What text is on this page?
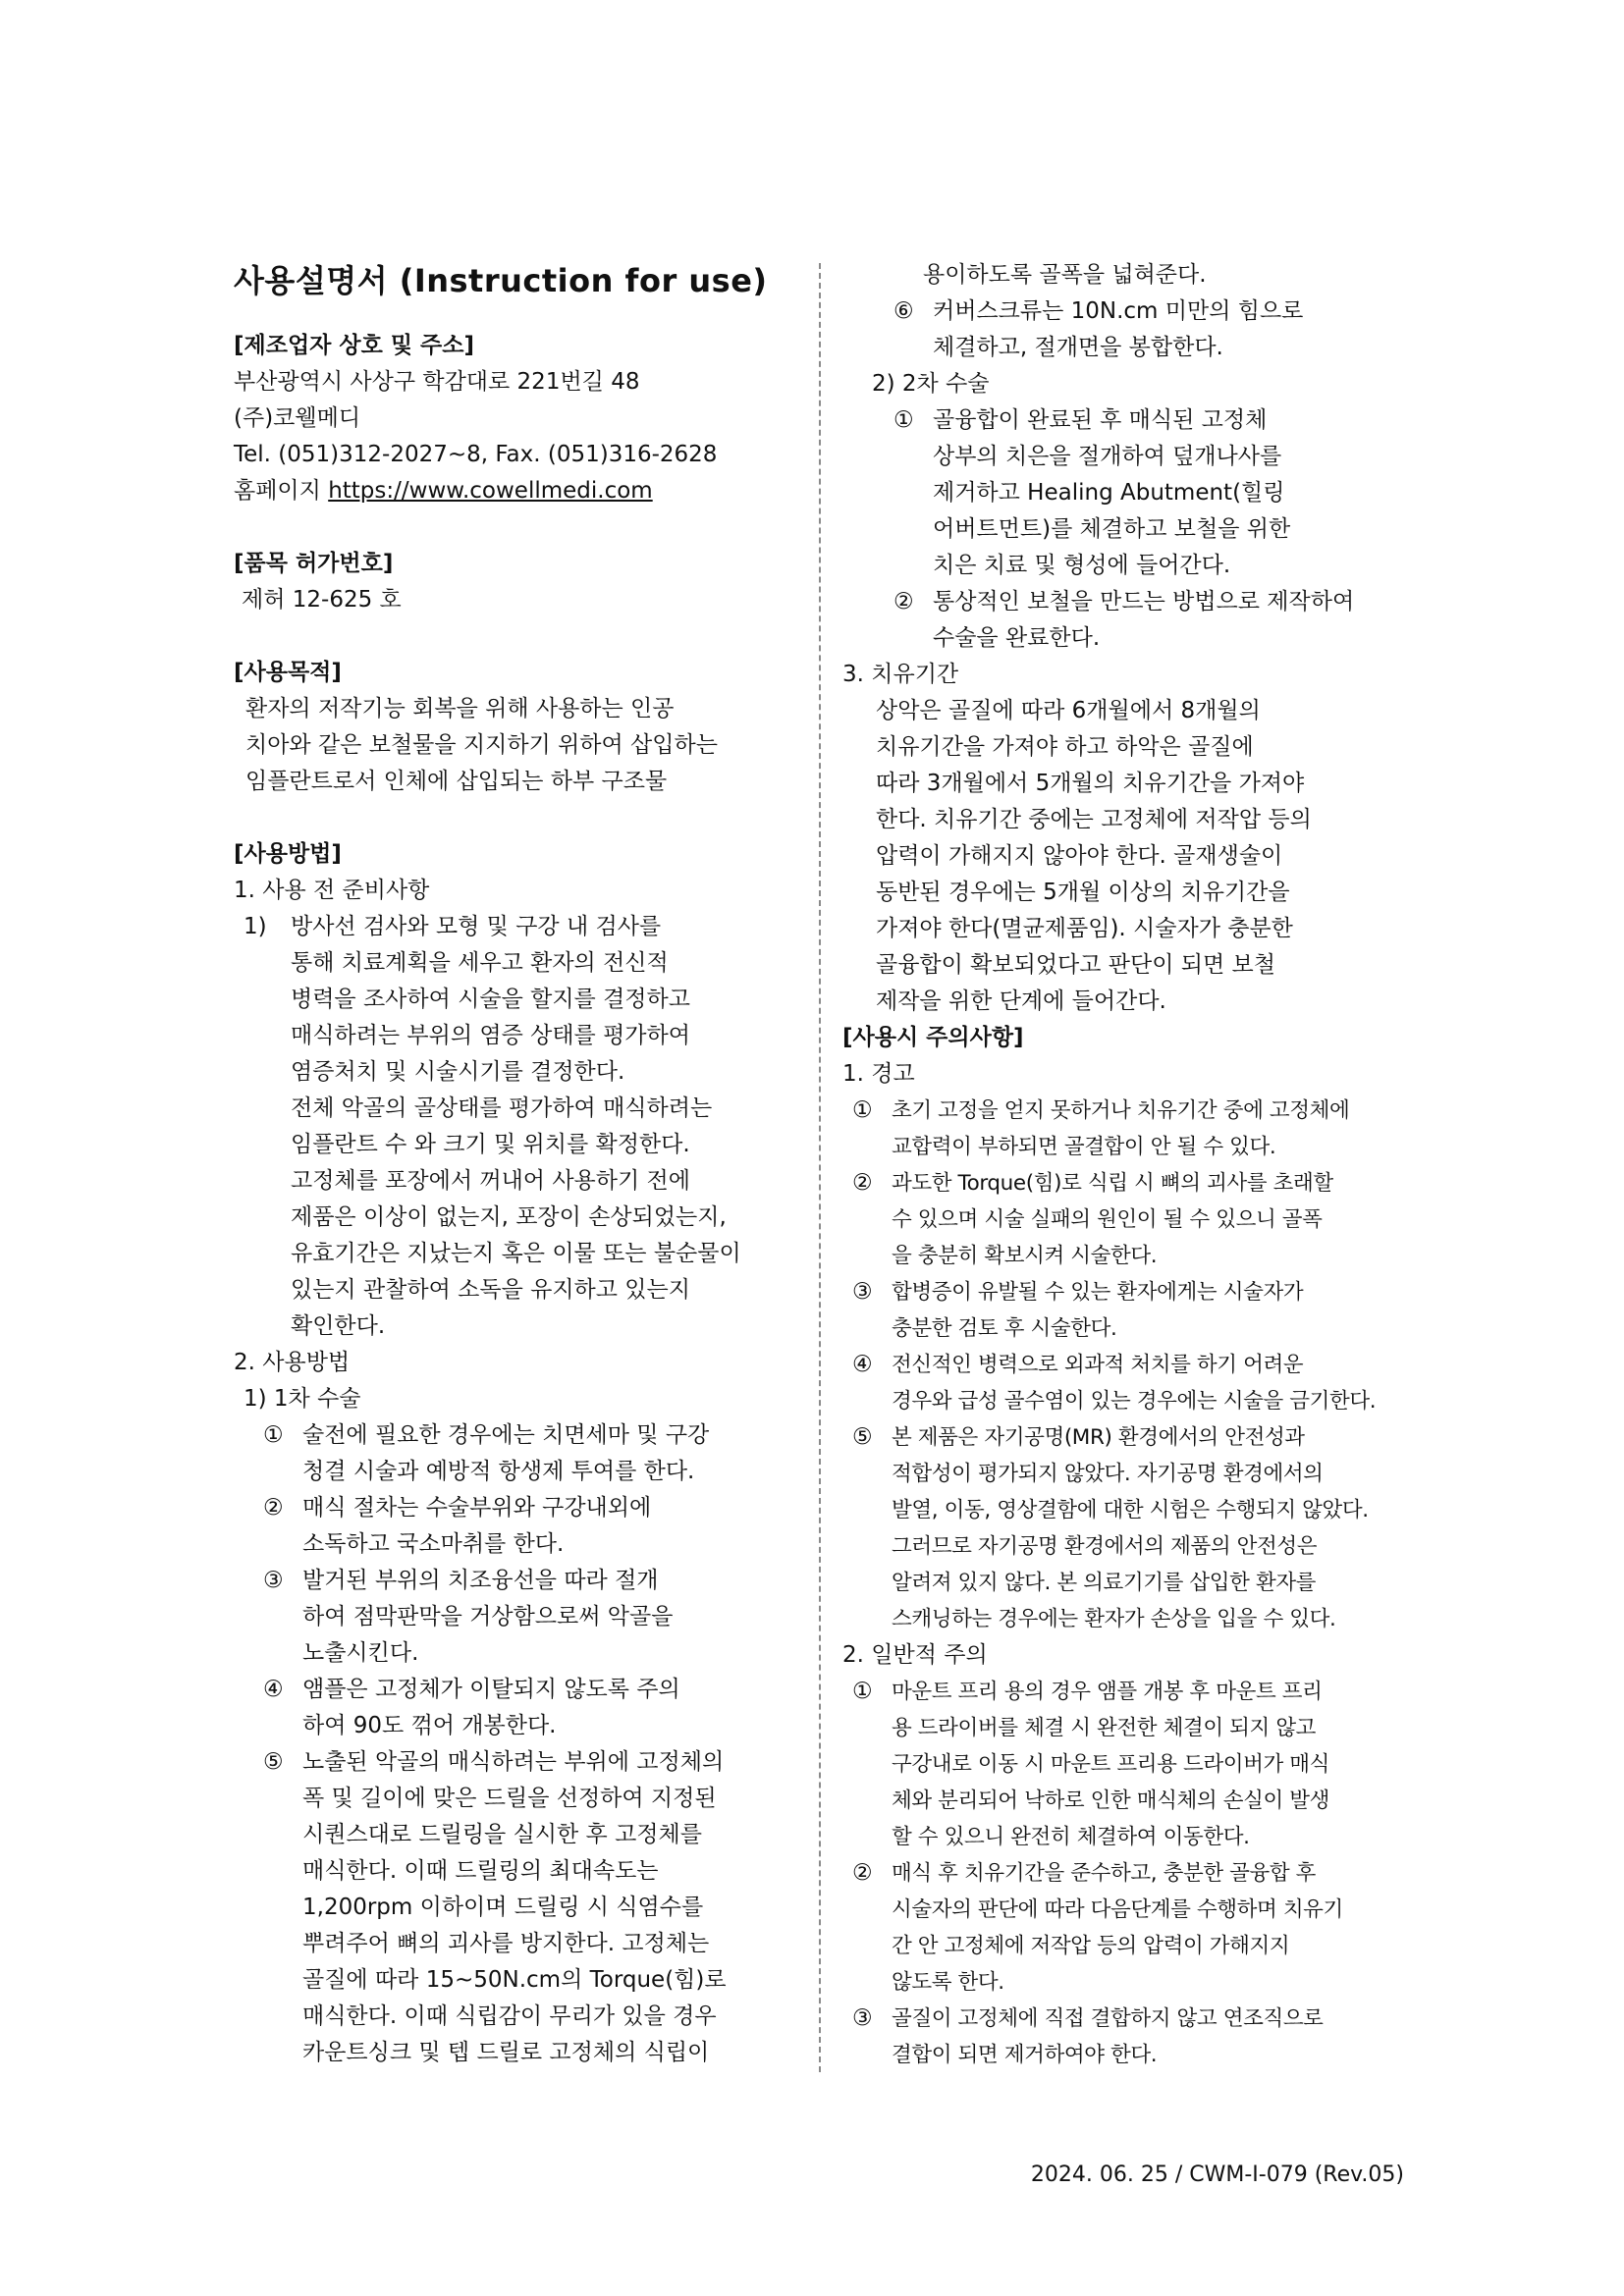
사용설명서 (Instruction for use)
[제조업자 상호 및 주소]
부산광역시 사상구 학감대로 221번길 48
(주)코웰메디
Tel. (051)312-2027~8, Fax. (051)316-2628
홈페이지 https://www.cowellmedi.com
[품목 허가번호]
제허 12-625 호
[사용목적]
환자의 저작기능 회복을 위해 사용하는 인공
치아와 같은 보철물을 지지하기 위하여 삽입하는
임플란트로서 인체에 삽입되는 하부 구조물
[사용방법]
1. 사용 전 준비사항
1) 방사선 검사와 모형 및 구강 내 검사를
통해 치료계획을 세우고 환자의 전신적
병력을 조사하여 시술을 할지를 결정하고
매식하려는 부위의 염증 상태를 평가하여
염증처치 및 시술시기를 결정한다.
전체 악골의 골상태를 평가하여 매식하려는
임플란트 수 와 크기 및 위치를 확정한다.
고정체를 포장에서 꺼내어 사용하기 전에
제품은 이상이 없는지, 포장이 손상되었는지,
유효기간은 지났는지 혹은 이물 또는 불순물이
있는지 관찰하여 소독을 유지하고 있는지
확인한다.
2. 사용방법
1) 1차 수술
① 술전에 필요한 경우에는 치면세마 및 구강
청결 시술과 예방적 항생제 투여를 한다.
② 매식 절차는 수술부위와 구강내외에
소독하고 국소마취를 한다.
③ 발거된 부위의 치조융선을 따라 절개
하여 점막판막을 거상함으로써 악골을
노출시킨다.
④ 앰플은 고정체가 이탈되지 않도록 주의
하여 90도 꺾어 개봉한다.
⑤ 노출된 악골의 매식하려는 부위에 고정체의
폭 및 길이에 맞은 드릴을 선정하여 지정된
시퀀스대로 드릴링을 실시한 후 고정체를
매식한다. 이때 드릴링의 최대속도는
1,200rpm 이하이며 드릴링 시 식염수를
뿌려주어 뼈의 괴사를 방지한다. 고정체는
골질에 따라 15~50N.cm의 Torque(힘)로
매식한다. 이때 식립감이 무리가 있을 경우
카운트싱크 및 텝 드릴로 고정체의 식립이
용이하도록 골폭을 넓혀준다.
⑥ 커버스크류는 10N.cm 미만의 힘으로
체결하고, 절개면을 봉합한다.
2) 2차 수술
① 골융합이 완료된 후 매식된 고정체
상부의 치은을 절개하여 덮개나사를
제거하고 Healing Abutment(힐링
어버트먼트)를 체결하고 보철을 위한
치은 치료 및 형성에 들어간다.
② 통상적인 보철을 만드는 방법으로 제작하여
수술을 완료한다.
3. 치유기간
상악은 골질에 따라 6개월에서 8개월의
치유기간을 가져야 하고 하악은 골질에
따라 3개월에서 5개월의 치유기간을 가져야
한다. 치유기간 중에는 고정체에 저작압 등의
압력이 가해지지 않아야 한다. 골재생술이
동반된 경우에는 5개월 이상의 치유기간을
가져야 한다(멸균제품임). 시술자가 충분한
골융합이 확보되었다고 판단이 되면 보철
제작을 위한 단계에 들어간다.
[사용시 주의사항]
1. 경고
① 초기 고정을 얻지 못하거나 치유기간 중에 고정체에
교합력이 부하되면 골결합이 안 될 수 있다.
② 과도한 Torque(힘)로 식립 시 뼈의 괴사를 초래할
수 있으며 시술 실패의 원인이 될 수 있으니 골폭
을 충분히 확보시켜 시술한다.
③ 합병증이 유발될 수 있는 환자에게는 시술자가
충분한 검토 후 시술한다.
④ 전신적인 병력으로 외과적 처치를 하기 어려운
경우와 급성 골수염이 있는 경우에는 시술을 금기한다.
⑤ 본 제품은 자기공명(MR) 환경에서의 안전성과
적합성이 평가되지 않았다. 자기공명 환경에서의
발열, 이동, 영상결함에 대한 시험은 수행되지 않았다.
그러므로 자기공명 환경에서의 제품의 안전성은
알려져 있지 않다. 본 의료기기를 삽입한 환자를
스캐닝하는 경우에는 환자가 손상을 입을 수 있다.
2. 일반적 주의
① 마운트 프리 용의 경우 앰플 개봉 후 마운트 프리
용 드라이버를 체결 시 완전한 체결이 되지 않고
구강내로 이동 시 마운트 프리용 드라이버가 매식
체와 분리되어 낙하로 인한 매식체의 손실이 발생
할 수 있으니 완전히 체결하여 이동한다.
② 매식 후 치유기간을 준수하고, 충분한 골융합 후
시술자의 판단에 따라 다음단계를 수행하며 치유기
간 안 고정체에 저작압 등의 압력이 가해지지
않도록 한다.
③ 골질이 고정체에 직접 결합하지 않고 연조직으로
결합이 되면 제거하여야 한다.
2024. 06. 25 / CWM-I-079 (Rev.05)
